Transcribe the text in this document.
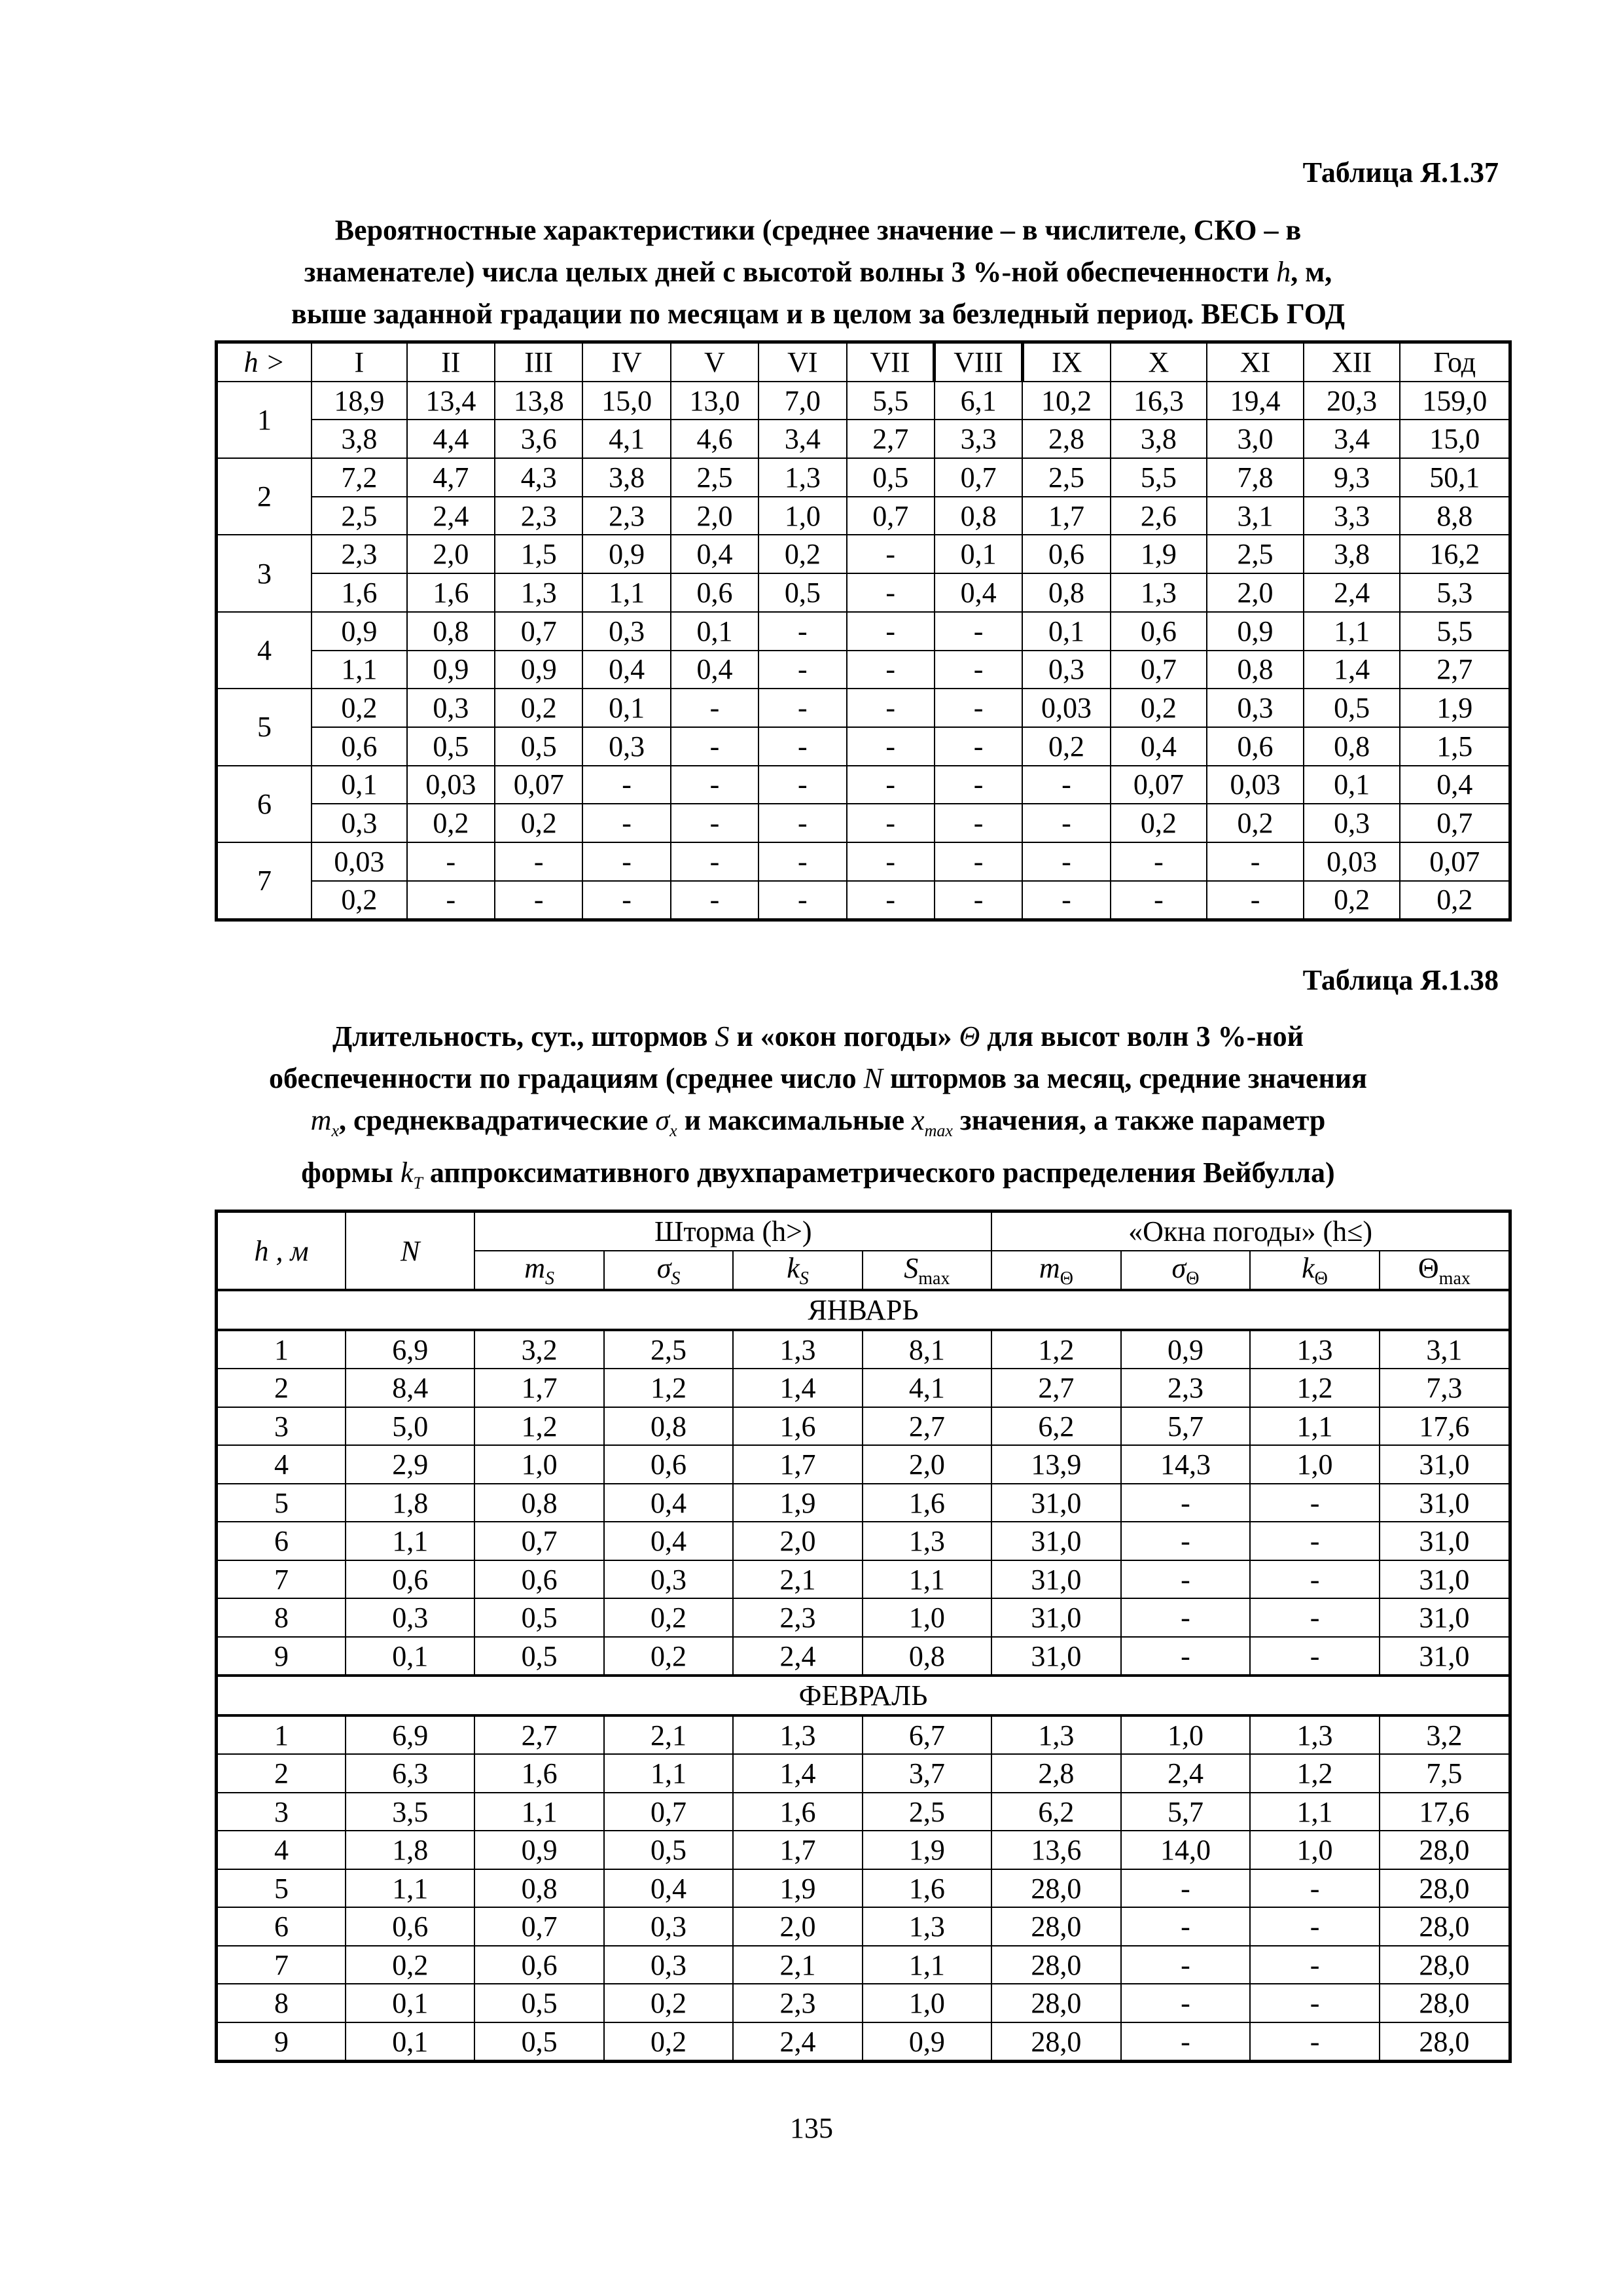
Таблица Я.1.37
Вероятностные характеристики (среднее значение – в числителе, СКО – в
знаменателе) числа целых дней с высотой волны 3 %-ной обеспеченности h, м,
выше заданной градации по месяцам и в целом за безледный период. ВЕСЬ ГОД
h >	I	II	III	IV	V	VI	VII	VIII	IX	X	XI	XII	Год
1	18,9	13,4	13,8	15,0	13,0	7,0	5,5	6,1	10,2	16,3	19,4	20,3	159,0
	3,8	4,4	3,6	4,1	4,6	3,4	2,7	3,3	2,8	3,8	3,0	3,4	15,0
2	7,2	4,7	4,3	3,8	2,5	1,3	0,5	0,7	2,5	5,5	7,8	9,3	50,1
	2,5	2,4	2,3	2,3	2,0	1,0	0,7	0,8	1,7	2,6	3,1	3,3	8,8
3	2,3	2,0	1,5	0,9	0,4	0,2	-	0,1	0,6	1,9	2,5	3,8	16,2
	1,6	1,6	1,3	1,1	0,6	0,5	-	0,4	0,8	1,3	2,0	2,4	5,3
4	0,9	0,8	0,7	0,3	0,1	-	-	-	0,1	0,6	0,9	1,1	5,5
	1,1	0,9	0,9	0,4	0,4	-	-	-	0,3	0,7	0,8	1,4	2,7
5	0,2	0,3	0,2	0,1	-	-	-	-	0,03	0,2	0,3	0,5	1,9
	0,6	0,5	0,5	0,3	-	-	-	-	0,2	0,4	0,6	0,8	1,5
6	0,1	0,03	0,07	-	-	-	-	-	-	0,07	0,03	0,1	0,4
	0,3	0,2	0,2	-	-	-	-	-	-	0,2	0,2	0,3	0,7
7	0,03	-	-	-	-	-	-	-	-	-	-	0,03	0,07
	0,2	-	-	-	-	-	-	-	-	-	-	0,2	0,2
Таблица Я.1.38
Длительность, сут., штормов S и «окон погоды» Θ для высот волн 3 %-ной
обеспеченности по градациям (среднее число N штормов за месяц, средние значения
$m_x$, среднеквадратические $\sigma_x$ и максимальные $x_{max}$ значения, а также параметр
формы $k_T$ аппроксимативного двухпараметрического распределения Вейбулла)
h , м	N	Шторма (h>)				«Окна погоды» (h≤)			
		$m_S$	$\sigma_S$	$k_S$	$S_{max}$	$m_\Theta$	$\sigma_\Theta$	$k_\Theta$	$\Theta_{max}$
ЯНВАРЬ									
1	6,9	3,2	2,5	1,3	8,1	1,2	0,9	1,3	3,1
2	8,4	1,7	1,2	1,4	4,1	2,7	2,3	1,2	7,3
3	5,0	1,2	0,8	1,6	2,7	6,2	5,7	1,1	17,6
4	2,9	1,0	0,6	1,7	2,0	13,9	14,3	1,0	31,0
5	1,8	0,8	0,4	1,9	1,6	31,0	-	-	31,0
6	1,1	0,7	0,4	2,0	1,3	31,0	-	-	31,0
7	0,6	0,6	0,3	2,1	1,1	31,0	-	-	31,0
8	0,3	0,5	0,2	2,3	1,0	31,0	-	-	31,0
9	0,1	0,5	0,2	2,4	0,8	31,0	-	-	31,0
ФЕВРАЛЬ									
1	6,9	2,7	2,1	1,3	6,7	1,3	1,0	1,3	3,2
2	6,3	1,6	1,1	1,4	3,7	2,8	2,4	1,2	7,5
3	3,5	1,1	0,7	1,6	2,5	6,2	5,7	1,1	17,6
4	1,8	0,9	0,5	1,7	1,9	13,6	14,0	1,0	28,0
5	1,1	0,8	0,4	1,9	1,6	28,0	-	-	28,0
6	0,6	0,7	0,3	2,0	1,3	28,0	-	-	28,0
7	0,2	0,6	0,3	2,1	1,1	28,0	-	-	28,0
8	0,1	0,5	0,2	2,3	1,0	28,0	-	-	28,0
9	0,1	0,5	0,2	2,4	0,9	28,0	-	-	28,0
135
